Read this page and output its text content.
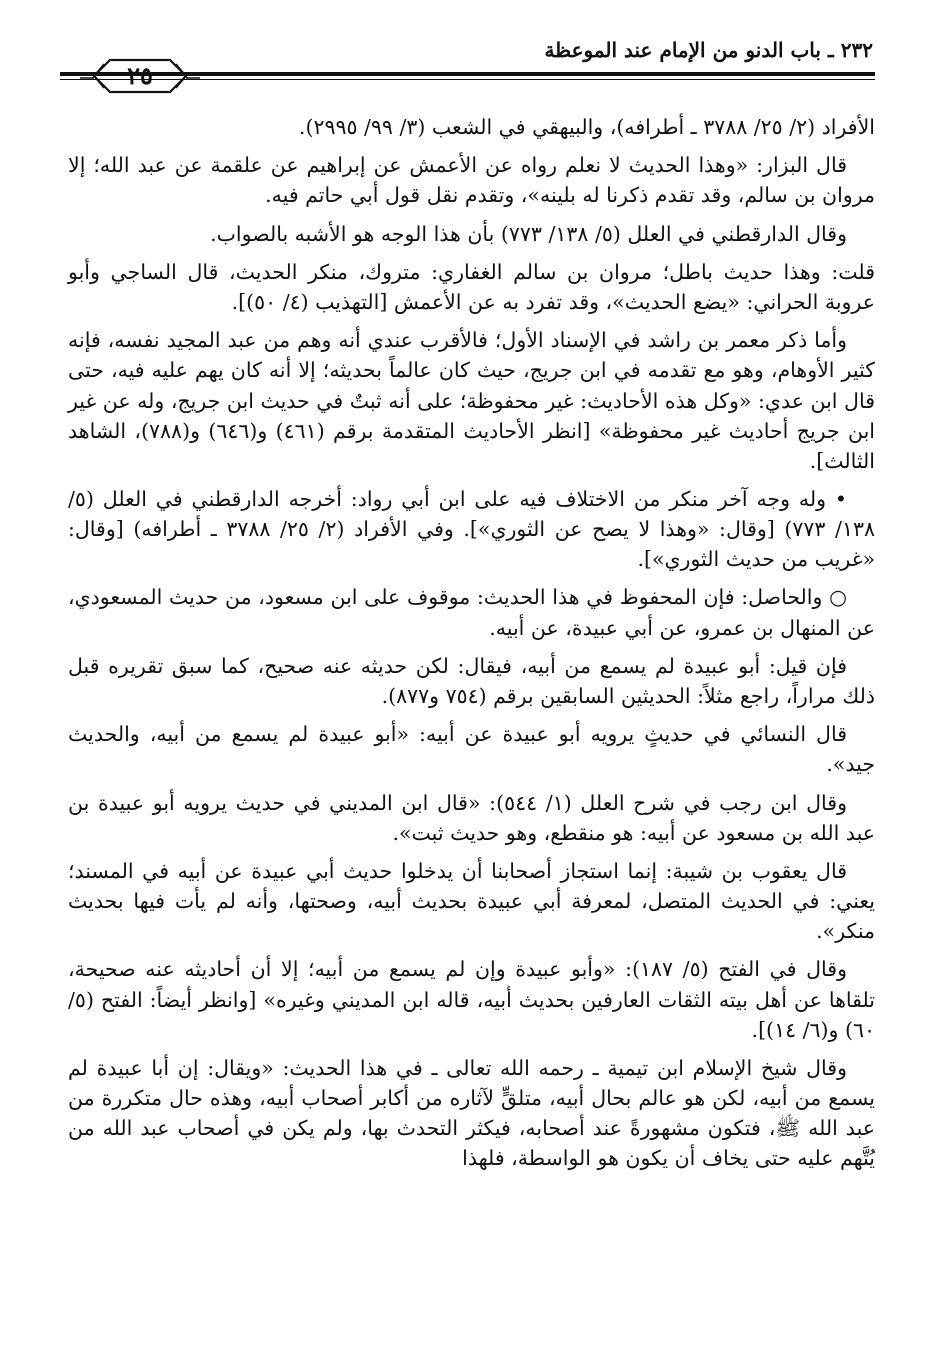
٢٣٢ ـ باب الدنو من الإمام عند الموعظة
٢٥

الأفراد (٢/ ٢٥/ ٣٧٨٨ ـ أطرافه)، والبيهقي في الشعب (٣/ ٩٩/ ٢٩٩٥).

قال البزار: «وهذا الحديث لا نعلم رواه عن الأعمش عن إبراهيم عن علقمة عن عبد الله؛ إلا مروان بن سالم، وقد تقدم ذكرنا له بلينه»، وتقدم نقل قول أبي حاتم فيه.

وقال الدارقطني في العلل (٥/ ١٣٨/ ٧٧٣) بأن هذا الوجه هو الأشبه بالصواب.

قلت: وهذا حديث باطل؛ مروان بن سالم الغفاري: متروك، منكر الحديث، قال الساجي وأبو عروبة الحراني: «يضع الحديث»، وقد تفرد به عن الأعمش [التهذيب (٤/ ٥٠)].

وأما ذكر معمر بن راشد في الإسناد الأول؛ فالأقرب عندي أنه وهم من عبد المجيد نفسه، فإنه كثير الأوهام، وهو مع تقدمه في ابن جريج، حيث كان عالماً بحديثه؛ إلا أنه كان يهم عليه فيه، حتى قال ابن عدي: «وكل هذه الأحاديث: غير محفوظة؛ على أنه ثبتٌ في حديث ابن جريج، وله عن غير ابن جريج أحاديث غير محفوظة» [انظر الأحاديث المتقدمة برقم (٤٦١) و(٦٤٦) و(٧٨٨)، الشاهد الثالث].

• وله وجه آخر منكر من الاختلاف فيه على ابن أبي رواد: أخرجه الدارقطني في العلل (٥/ ١٣٨/ ٧٧٣) [وقال: «وهذا لا يصح عن الثوري»]. وفي الأفراد (٢/ ٢٥/ ٣٧٨٨ ـ أطرافه) [وقال: «غريب من حديث الثوري»].

○ والحاصل: فإن المحفوظ في هذا الحديث: موقوف على ابن مسعود، من حديث المسعودي، عن المنهال بن عمرو، عن أبي عبيدة، عن أبيه.

فإن قيل: أبو عبيدة لم يسمع من أبيه، فيقال: لكن حديثه عنه صحيح، كما سبق تقريره قبل ذلك مراراً، راجع مثلاً: الحديثين السابقين برقم (٧٥٤ و٨٧٧).

قال النسائي في حديثٍ يرويه أبو عبيدة عن أبيه: «أبو عبيدة لم يسمع من أبيه، والحديث جيد».

وقال ابن رجب في شرح العلل (١/ ٥٤٤): «قال ابن المديني في حديث يرويه أبو عبيدة بن عبد الله بن مسعود عن أبيه: هو منقطع، وهو حديث ثبت».

قال يعقوب بن شيبة: إنما استجاز أصحابنا أن يدخلوا حديث أبي عبيدة عن أبيه في المسند؛ يعني: في الحديث المتصل، لمعرفة أبي عبيدة بحديث أبيه، وصحتها، وأنه لم يأت فيها بحديث منكر».

وقال في الفتح (٥/ ١٨٧): «وأبو عبيدة وإن لم يسمع من أبيه؛ إلا أن أحاديثه عنه صحيحة، تلقاها عن أهل بيته الثقات العارفين بحديث أبيه، قاله ابن المديني وغيره» [وانظر أيضاً: الفتح (٥/ ٦٠) و(٦/ ١٤)].

وقال شيخ الإسلام ابن تيمية ـ رحمه الله تعالى ـ في هذا الحديث: «ويقال: إن أبا عبيدة لم يسمع من أبيه، لكن هو عالم بحال أبيه، متلقٍّ لآثاره من أكابر أصحاب أبيه، وهذه حال متكررة من عبد الله ﷺ، فتكون مشهورةً عند أصحابه، فيكثر التحدث بها، ولم يكن في أصحاب عبد الله من يُتَّهم عليه حتى يخاف أن يكون هو الواسطة، فلهذا
